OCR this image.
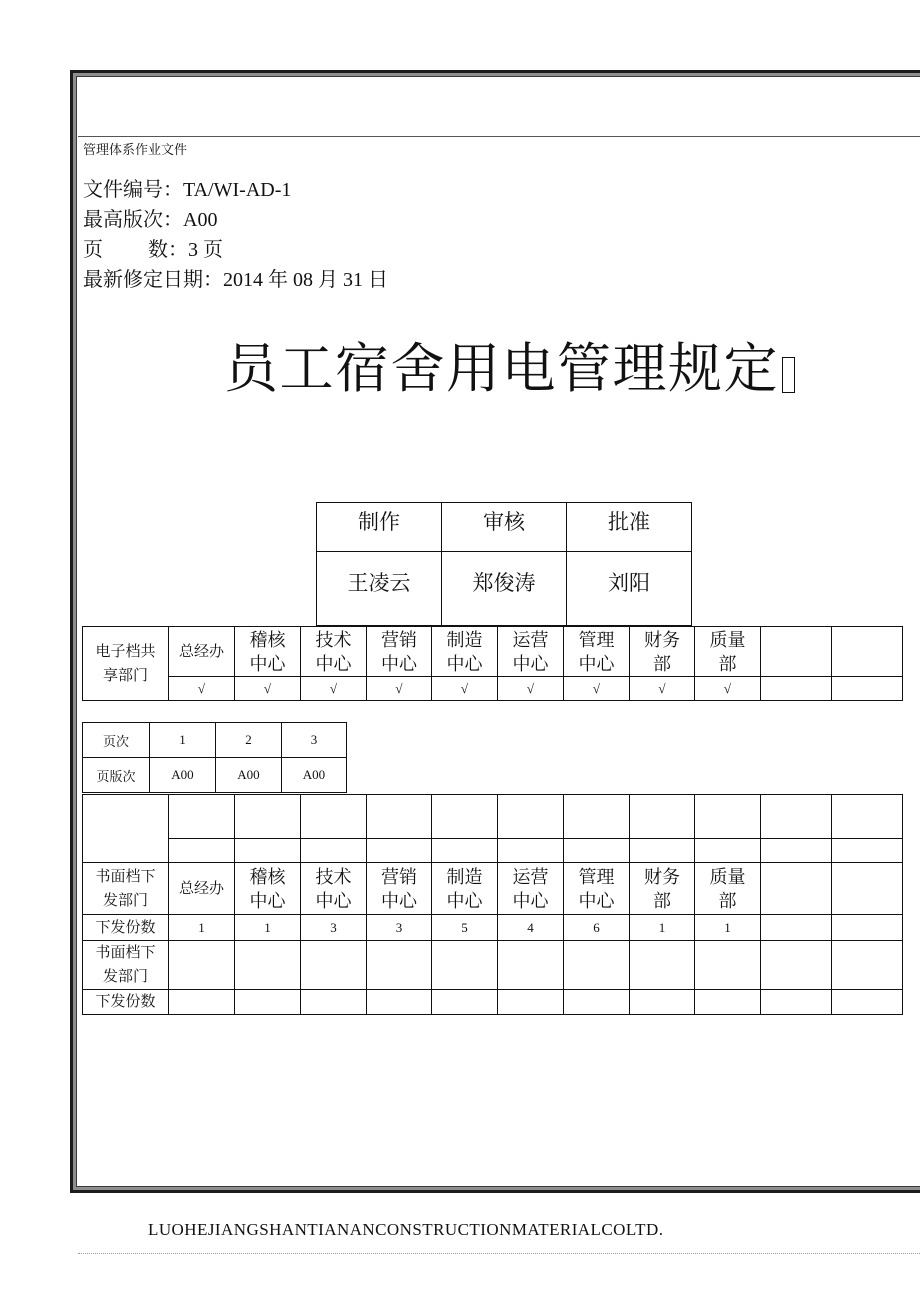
管理体系作业文件
文件编号：TA/WI-AD-1
最高版次：A00
页　　 数：3 页
最新修定日期：2014 年 08 月 31 日
员工宿舍用电管理规定
制作	审核	批准
王凌云	郑俊涛	刘阳
电子档共享部门	总经办	稽核中心	技术中心	营销中心	制造中心	运营中心	管理中心	财务部	质量部		
	√	√	√	√	√	√	√	√	√		
页次	1	2	3
页版次	A00	A00	A00

书面档下发部门	总经办	稽核中心	技术中心	营销中心	制造中心	运营中心	管理中心	财务部	质量部		
下发份数	1	1	3	3	5	4	6	1	1		
书面档下发部门											
下发份数											
LUOHEJIANGSHANTIANANCONSTRUCTIONMATERIALCOLTD.
